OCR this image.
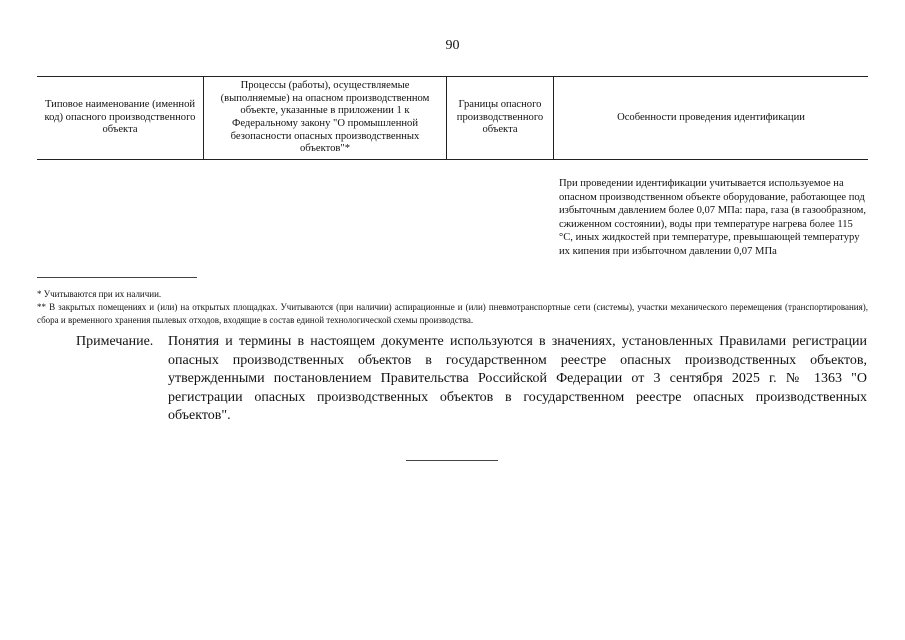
90
Типовое наименование (именной код) опасного производственного объекта
Процессы (работы), осуществляемые (выполняемые) на опасном производственном объекте, указанные в приложении 1 к Федеральному закону "О промышленной безопасности опасных производственных объектов"*
Границы опасного производственного объекта
Особенности проведения идентификации
При проведении идентификации учитывается используемое на опасном производственном объекте оборудование, работающее под избыточным давлением более 0,07 МПа: пара, газа (в газообразном, сжиженном состоянии), воды при температуре нагрева более 115 °C, иных жидкостей при температуре, превышающей температуру их кипения при избыточном давлении 0,07 МПа

* Учитываются при их наличии.

** В закрытых помещениях и (или) на открытых площадках. Учитываются (при наличии) аспирационные и (или) пневмотранспортные сети (системы), участки механического перемещения (транспортирования), сбора и временного хранения пылевых отходов, входящие в состав единой технологической схемы производства.

Примечание.	Понятия и термины в настоящем документе используются в значениях, установленных Правилами регистрации опасных производственных объектов в государственном реестре опасных производственных объектов, утвержденными постановлением Правительства Российской Федерации от 3 сентября 2025 г. № 1363 "О регистрации опасных производственных объектов в государственном реестре опасных производственных объектов".
